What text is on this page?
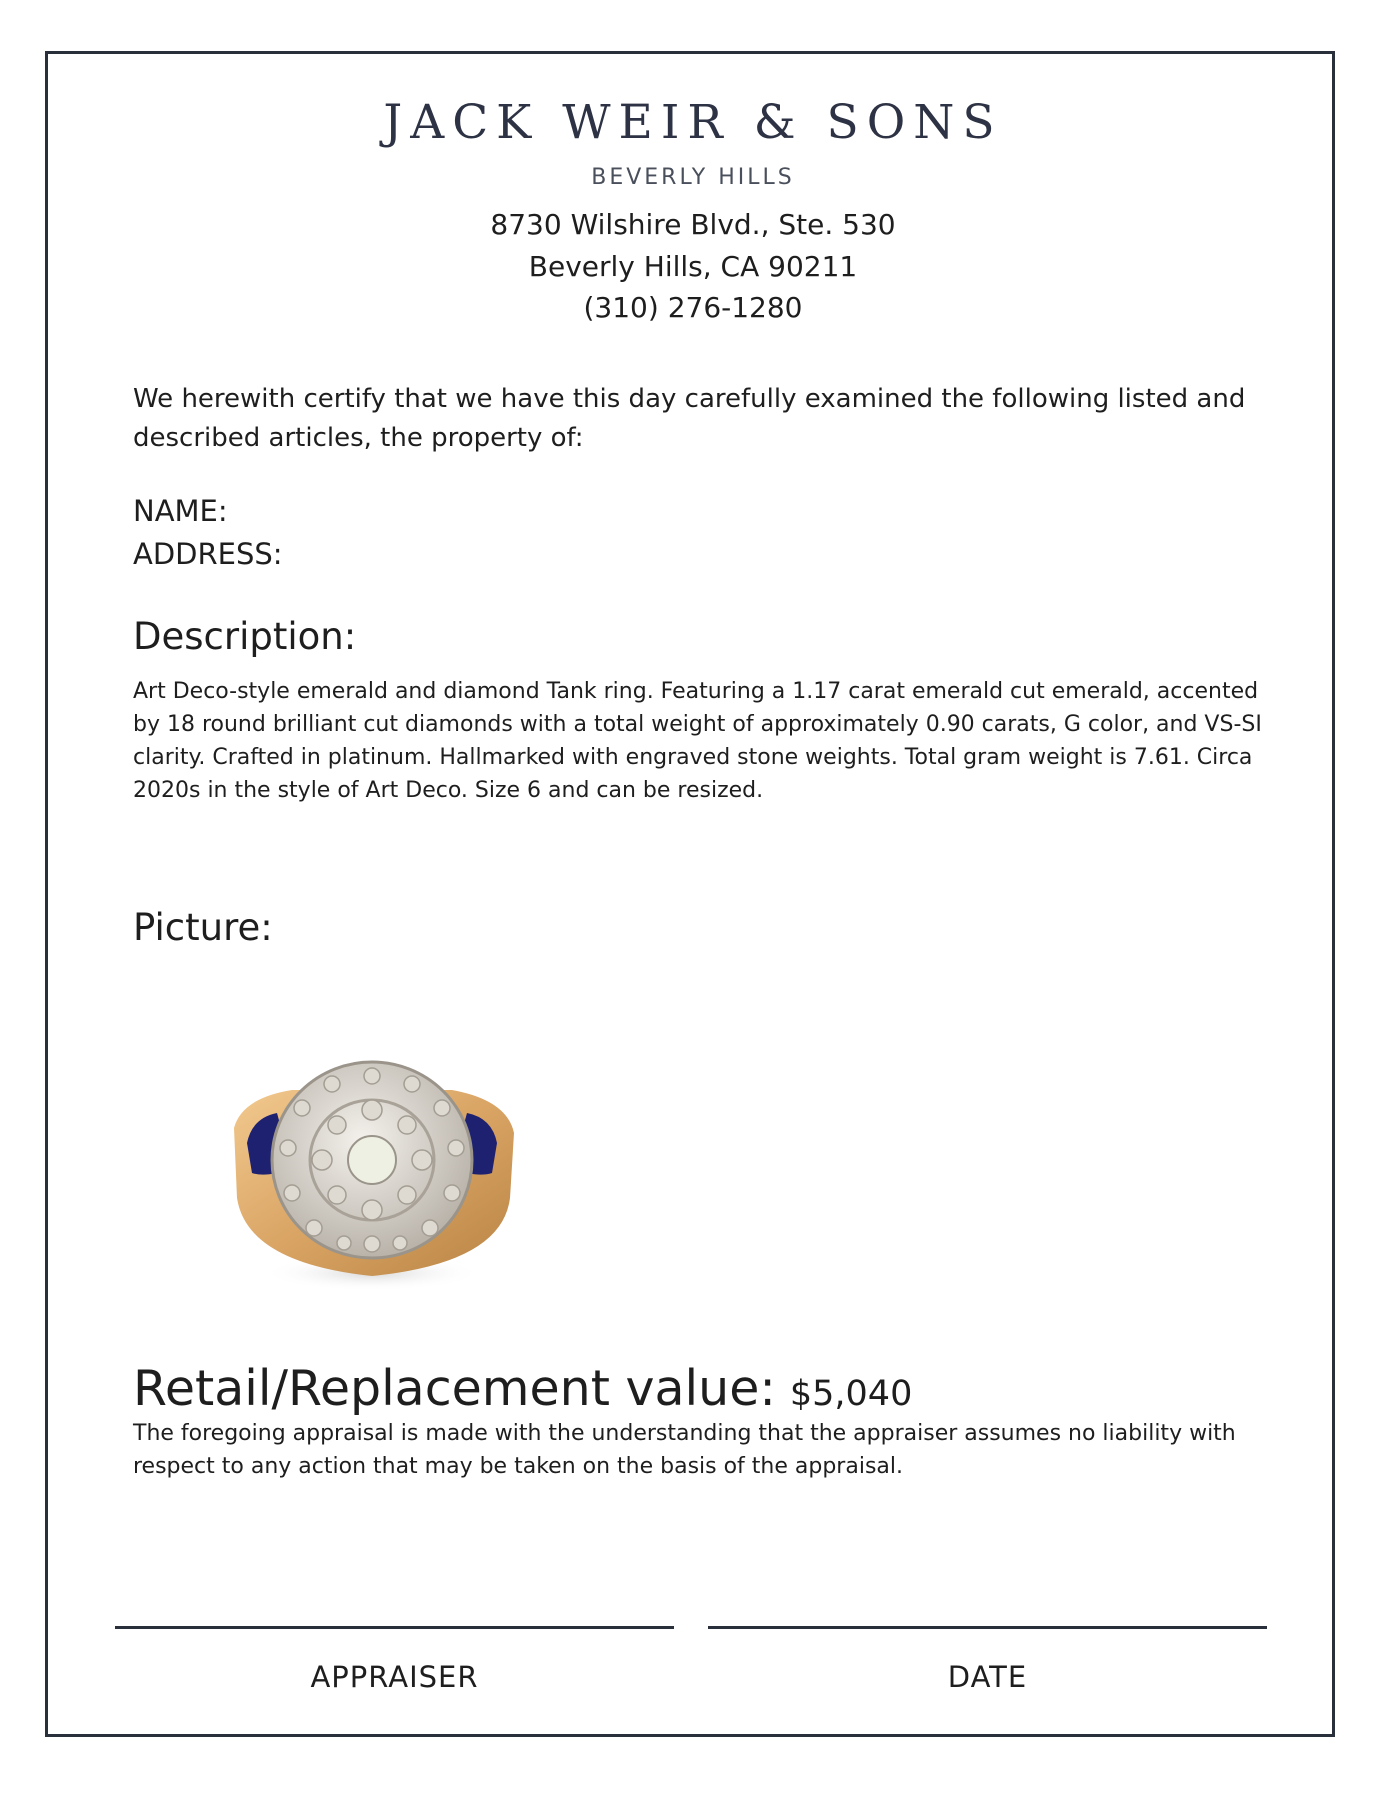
JACK WEIR & SONS
BEVERLY HILLS
8730 Wilshire Blvd., Ste. 530
Beverly Hills, CA 90211
(310) 276-1280
We herewith certify that we have this day carefully examined the following listed and described articles, the property of:
NAME:
ADDRESS:
Description:
Art Deco-style emerald and diamond Tank ring. Featuring a 1.17 carat emerald cut emerald, accented by 18 round brilliant cut diamonds with a total weight of approximately 0.90 carats, G color, and VS-SI clarity. Crafted in platinum. Hallmarked with engraved stone weights. Total gram weight is 7.61. Circa 2020s in the style of Art Deco. Size 6 and can be resized.
Picture:
Retail/Replacement value: $5,040
The foregoing appraisal is made with the understanding that the appraiser assumes no liability with respect to any action that may be taken on the basis of the appraisal.
APPRAISER	DATE
